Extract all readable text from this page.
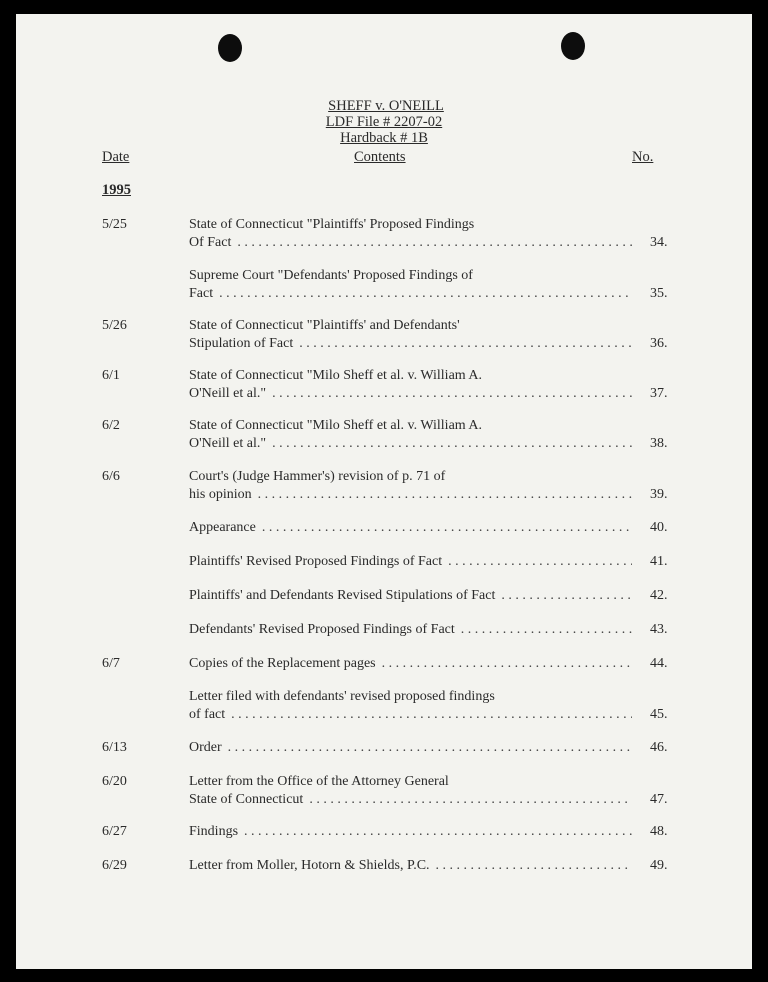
SHEFF v. O'NEILL
LDF File # 2207-02
Hardback # 1B
Date	Contents	No.
1995
5/25	State of Connecticut "Plaintiffs' Proposed Findings
Of Fact . . .	34.
Supreme Court "Defendants' Proposed Findings of
Fact . . .	35.
5/26	State of Connecticut "Plaintiffs' and Defendants'
Stipulation of Fact . . .	36.
6/1	State of Connecticut "Milo Sheff et al. v. William A.
O'Neill et al." . . .	37.
6/2	State of Connecticut "Milo Sheff et al. v. William A.
O'Neill et al." . . .	38.
6/6	Court's (Judge Hammer's) revision of p. 71 of
his opinion . . .	39.
Appearance . . .	40.
Plaintiffs' Revised Proposed Findings of Fact . . .	41.
Plaintiffs' and Defendants Revised Stipulations of Fact . . .	42.
Defendants' Revised Proposed Findings of Fact . . .	43.
6/7	Copies of the Replacement pages . . .	44.
Letter filed with defendants' revised proposed findings
of fact . . .	45.
6/13	Order . . .	46.
6/20	Letter from the Office of the Attorney General
State of Connecticut . . .	47.
6/27	Findings . . .	48.
6/29	Letter from Moller, Hotorn & Shields, P.C. . . .	49.
